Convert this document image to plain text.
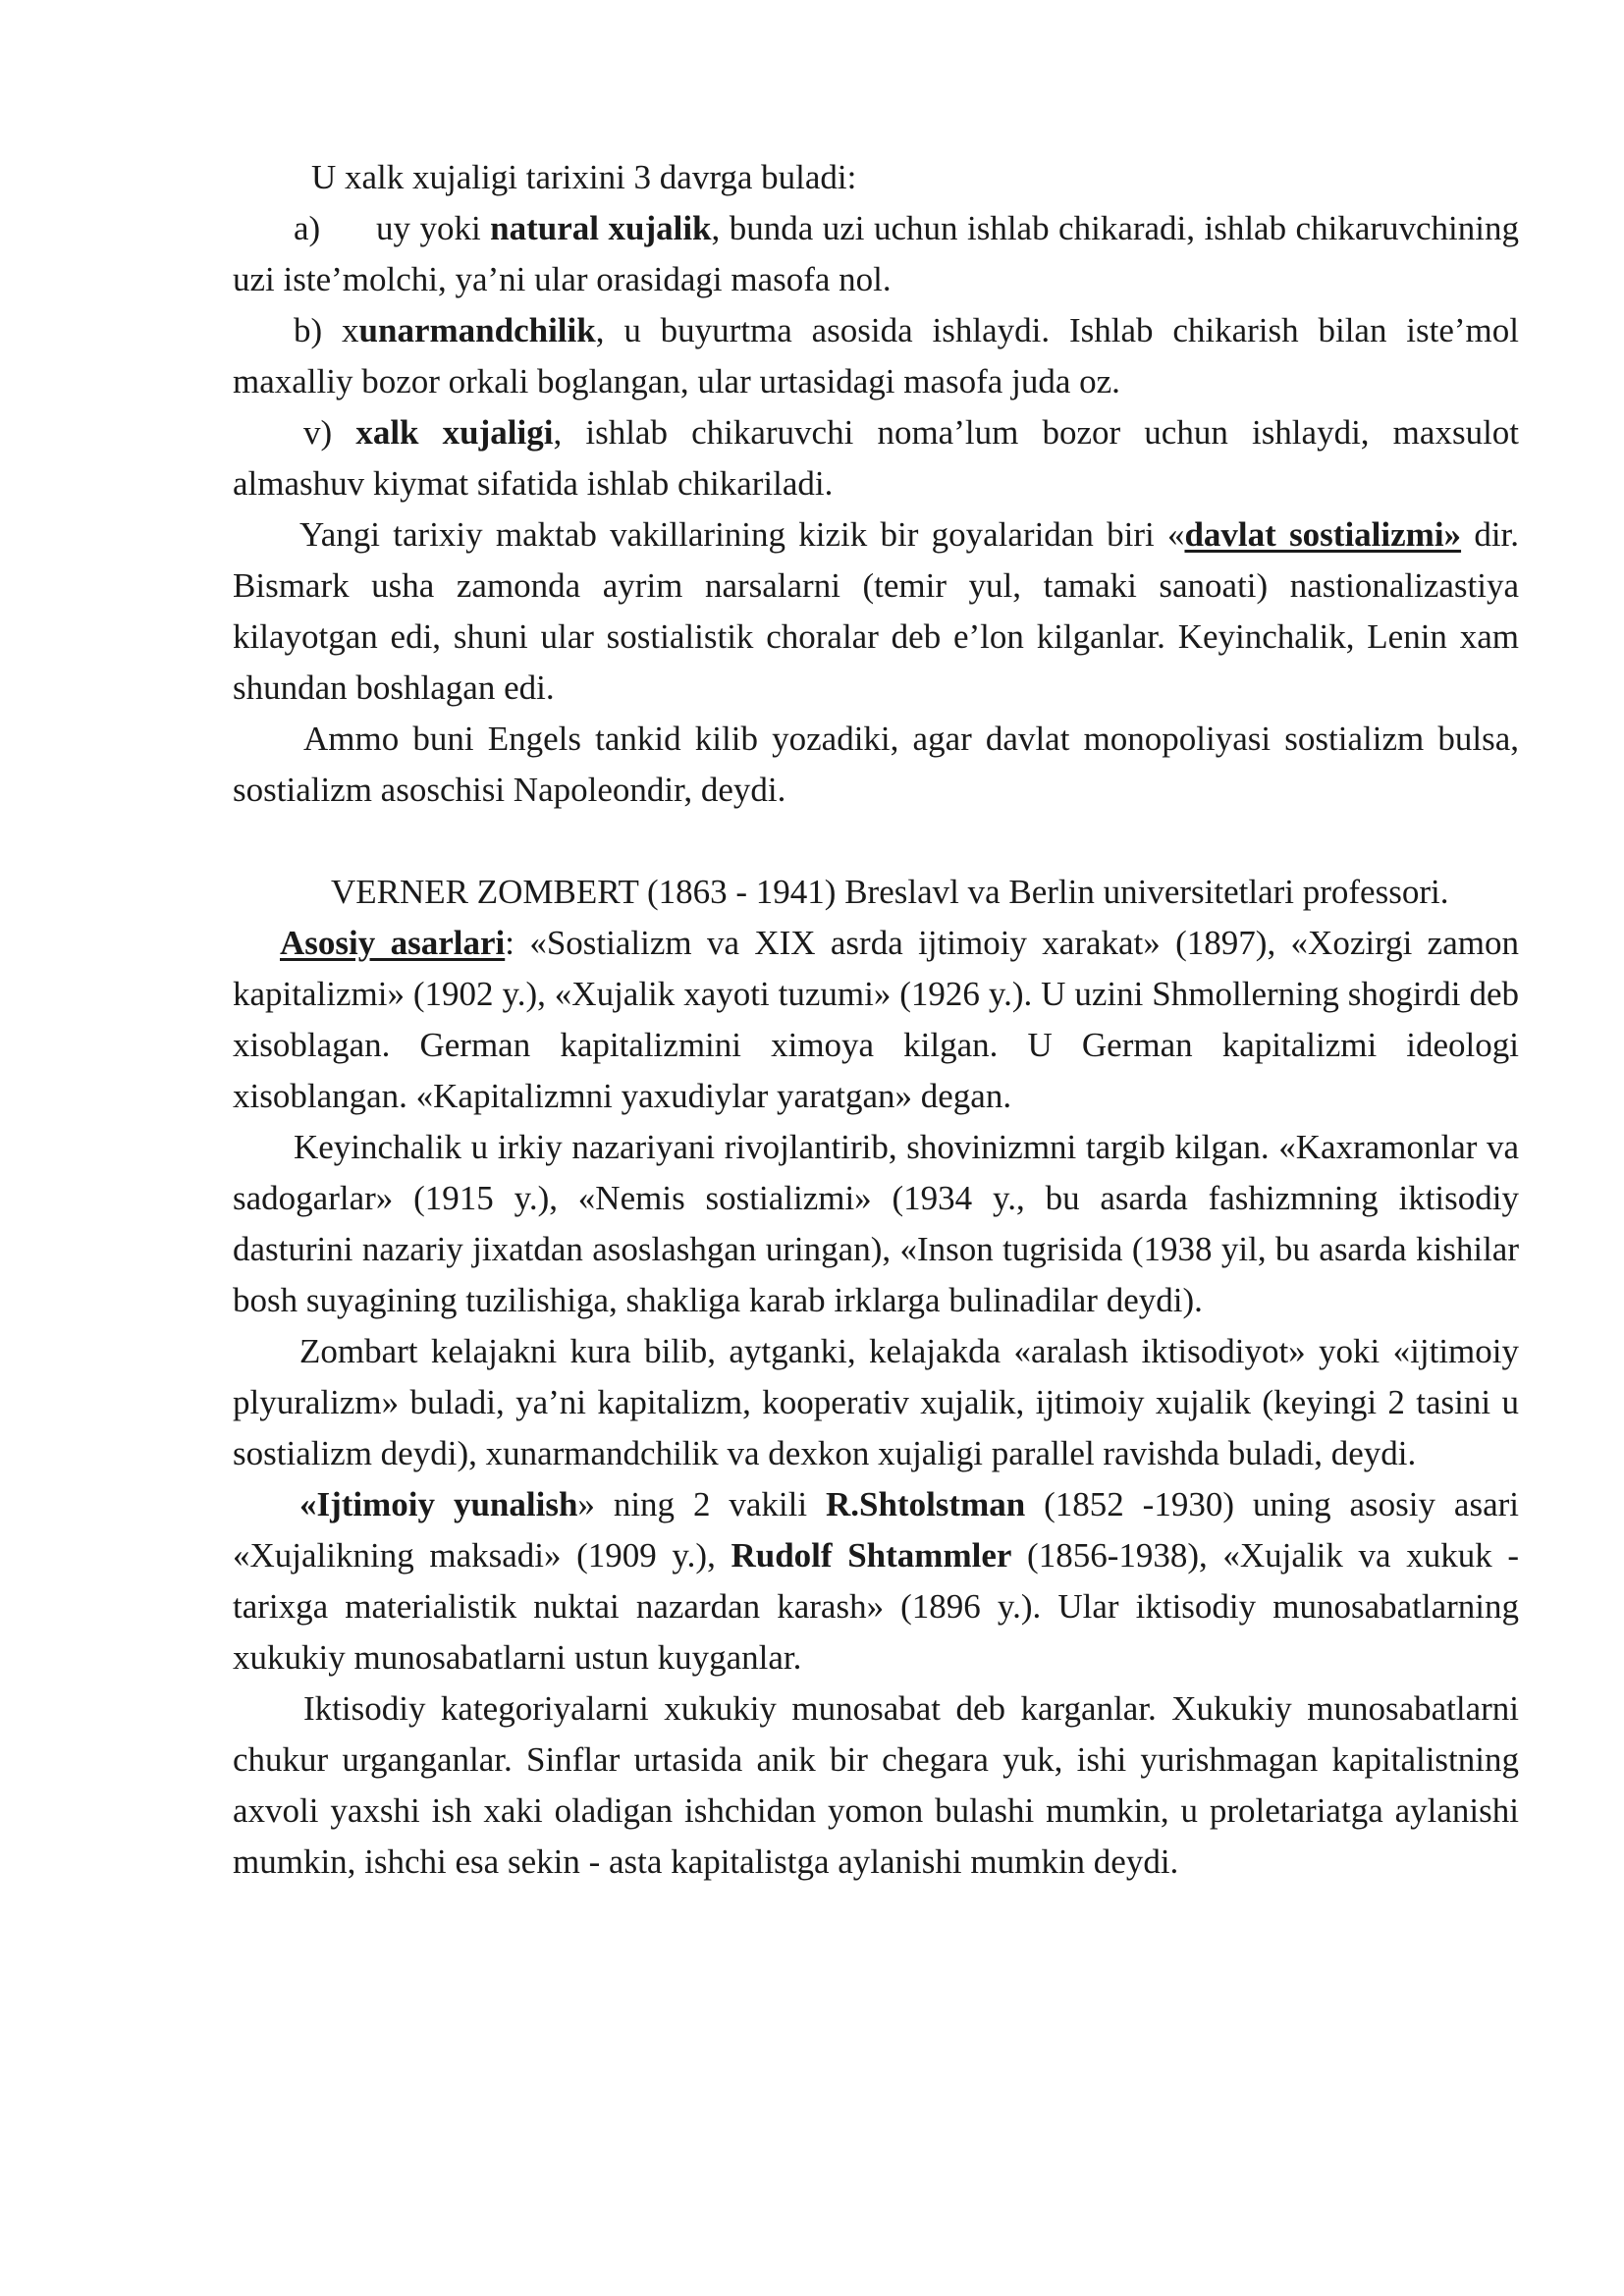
U xalk xujaligi tarixini 3 davrga buladi:

a)      uy yoki natural xujalik, bunda uzi uchun ishlab chikaradi, ishlab chikaruvchining uzi iste’molchi, ya’ni ular orasidagi masofa nol.

b) xunarmandchilik, u buyurtma asosida ishlaydi. Ishlab chikarish bilan iste’mol maxalliy bozor orkali boglangan, ular urtasidagi masofa juda oz.

v) xalk xujaligi, ishlab chikaruvchi noma’lum bozor uchun ishlaydi, maxsulot almashuv kiymat sifatida ishlab chikariladi.

Yangi tarixiy maktab vakillarining kizik bir goyalaridan biri «davlat sostializmi» dir. Bismark usha zamonda ayrim narsalarni (temir yul, tamaki sanoati) nastionalizastiya kilayotgan edi, shuni ular sostialistik choralar deb e’lon kilganlar. Keyinchalik, Lenin xam shundan boshlagan edi.

Ammo buni Engels tankid kilib yozadiki, agar davlat monopoliyasi sostializm bulsa, sostializm asoschisi Napoleondir, deydi.

VERNER ZOMBERT (1863 - 1941) Breslavl va Berlin universitetlari professori.

Asosiy asarlari: «Sostializm va XIX asrda ijtimoiy xarakat» (1897), «Xozirgi zamon kapitalizmi» (1902 y.), «Xujalik xayoti tuzumi» (1926 y.). U uzini Shmollerning shogirdi deb xisoblagan. German kapitalizmini ximoya kilgan. U German kapitalizmi ideologi xisoblangan. «Kapitalizmni yaxudiylar yaratgan» degan.

Keyinchalik u irkiy nazariyani rivojlantirib, shovinizmni targib kilgan. «Kaxramonlar va sadogarlar» (1915 y.), «Nemis sostializmi» (1934 y., bu asarda fashizmning iktisodiy dasturini nazariy jixatdan asoslashgan uringan), «Inson tugrisida (1938 yil, bu asarda kishilar bosh suyagining tuzilishiga, shakliga karab irklarga bulinadilar deydi).

Zombart kelajakni kura bilib, aytganki, kelajakda «aralash iktisodiyot» yoki «ijtimoiy plyuralizm» buladi, ya’ni kapitalizm, kooperativ xujalik, ijtimoiy xujalik (keyingi 2 tasini u sostializm deydi), xunarmandchilik va dexkon xujaligi parallel ravishda buladi, deydi.

«Ijtimoiy yunalish» ning 2 vakili R.Shtolstman (1852 -1930) uning asosiy asari «Xujalikning maksadi» (1909 y.), Rudolf Shtammler (1856-1938), «Xujalik va xukuk - tarixga materialistik nuktai nazardan karash» (1896 y.). Ular iktisodiy munosabatlarning xukukiy munosabatlarni ustun kuyganlar.

Iktisodiy kategoriyalarni xukukiy munosabat deb karganlar. Xukukiy munosabatlarni chukur urganganlar. Sinflar urtasida anik bir chegara yuk, ishi yurishmagan kapitalistning axvoli yaxshi ish xaki oladigan ishchidan yomon bulashi mumkin, u proletariatga aylanishi mumkin, ishchi esa sekin - asta kapitalistga aylanishi mumkin deydi.
